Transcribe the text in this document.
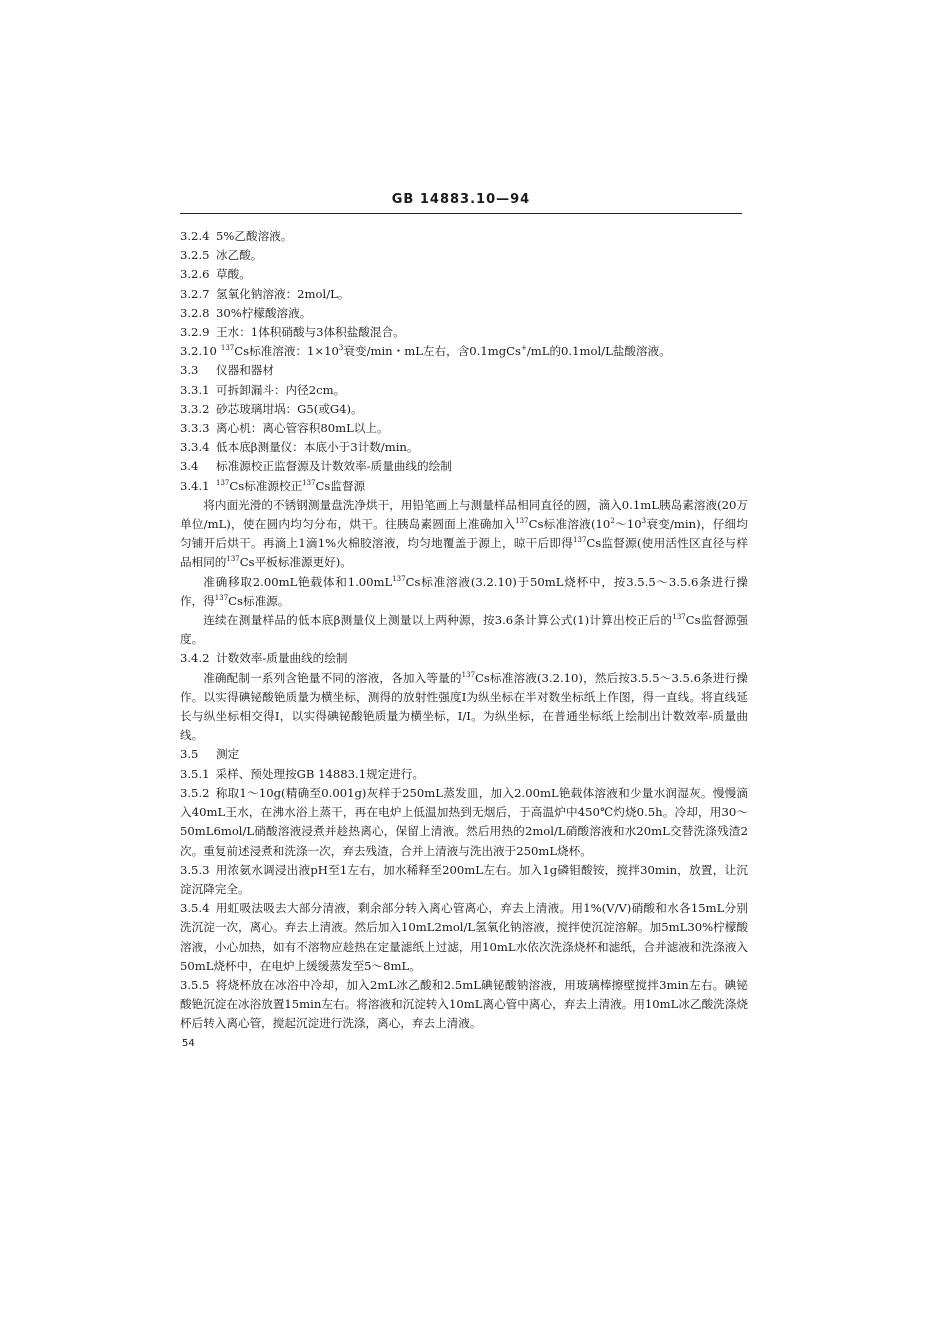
GB 14883.10—94
3.2.4 5%乙酸溶液。
3.2.5 冰乙酸。
3.2.6 草酸。
3.2.7 氢氧化钠溶液：2mol/L。
3.2.8 30%柠檬酸溶液。
3.2.9 王水：1体积硝酸与3体积盐酸混合。
3.2.10 $^{137}$Cs标准溶液：$1\times 10^3$衰变/min・mL左右，含0.1mgCs+/mL的0.1mol/L盐酸溶液。
3.3 仪器和器材
3.3.1 可拆卸漏斗：内径2cm。
3.3.2 砂芯玻璃坩埚：G5(或G4)。
3.3.3 离心机：离心管容积80mL以上。
3.3.4 低本底β测量仪：本底小于3计数/min。
3.4 标准源校正监督源及计数效率-质量曲线的绘制
3.4.1 $^{137}$Cs标准源校正$^{137}$Cs监督源
将内面光滑的不锈钢测量盘洗净烘干，用铅笔画上与测量样品相同直径的圆，滴入0.1mL胰岛素溶液(20万单位/mL)，使在圆内均匀分布，烘干。往胰岛素圆面上准确加入$^{137}$Cs标准溶液($10^2\sim 10^3$衰变/min)，仔细均匀铺开后烘干。再滴上1滴1%火棉胶溶液，均匀地覆盖于源上，晾干后即得$^{137}$Cs监督源(使用活性区直径与样品相同的$^{137}$Cs平板标准源更好)。
准确移取2.00mL铯载体和$1.00mL^{137}Cs$标准溶液(3.2.10)于50mL烧杯中，按3.5.5～3.5.6条进行操作，得$^{137}$Cs标准源。
连续在测量样品的低本底β测量仪上测量以上两种源，按3.6条计算公式(1)计算出校正后的$^{137}$Cs监督源强度。
3.4.2 计数效率-质量曲线的绘制
准确配制一系列含铯量不同的溶液，各加入等量的$^{137}$Cs标准溶液(3.2.10)，然后按3.5.5～3.5.6条进行操作。以实得碘铋酸铯质量为横坐标，测得的放射性强度I为纵坐标在半对数坐标纸上作图，得一直线。将直线延长与纵坐标相交得I，以实得碘铋酸铯质量为横坐标，I/I。为纵坐标，在普通坐标纸上绘制出计数效率-质量曲线。
3.5 测定
3.5.1 采样、预处理按GB 14883.1规定进行。
3.5.2 称取1～10g(精确至0.001g)灰样于250mL蒸发皿，加入2.00mL铯载体溶液和少量水润湿灰。慢慢滴入40mL王水，在沸水浴上蒸干，再在电炉上低温加热到无烟后，于高温炉中450℃灼烧0.5h。冷却，用30～50mL6mol/L硝酸溶液浸煮并趁热离心，保留上清液。然后用热的2mol/L硝酸溶液和水20mL交替洗涤残渣2次。重复前述浸煮和洗涤一次，弃去残渣，合并上清液与洗出液于250mL烧杯。
3.5.3 用浓氨水调浸出液pH至1左右，加水稀释至200mL左右。加入1g磷钼酸铵，搅拌30min，放置，让沉淀沉降完全。
3.5.4 用虹吸法吸去大部分清液，剩余部分转入离心管离心，弃去上清液。用1%(V/V)硝酸和水各15mL分别洗沉淀一次，离心。弃去上清液。然后加入10mL2mol/L氢氧化钠溶液，搅拌使沉淀溶解。加5mL30%柠檬酸溶液，小心加热，如有不溶物应趁热在定量滤纸上过滤，用10mL水依次洗涤烧杯和滤纸，合并滤液和洗涤液入50mL烧杯中，在电炉上缓缓蒸发至5～8mL。
3.5.5 将烧杯放在冰浴中冷却，加入2mL冰乙酸和2.5mL碘铋酸钠溶液，用玻璃棒擦壁搅拌3min左右。碘铋酸铯沉淀在冰浴放置15min左右。将溶液和沉淀转入10mL离心管中离心，弃去上清液。用10mL冰乙酸洗涤烧杯后转入离心管，搅起沉淀进行洗涤，离心，弃去上清液。
54
